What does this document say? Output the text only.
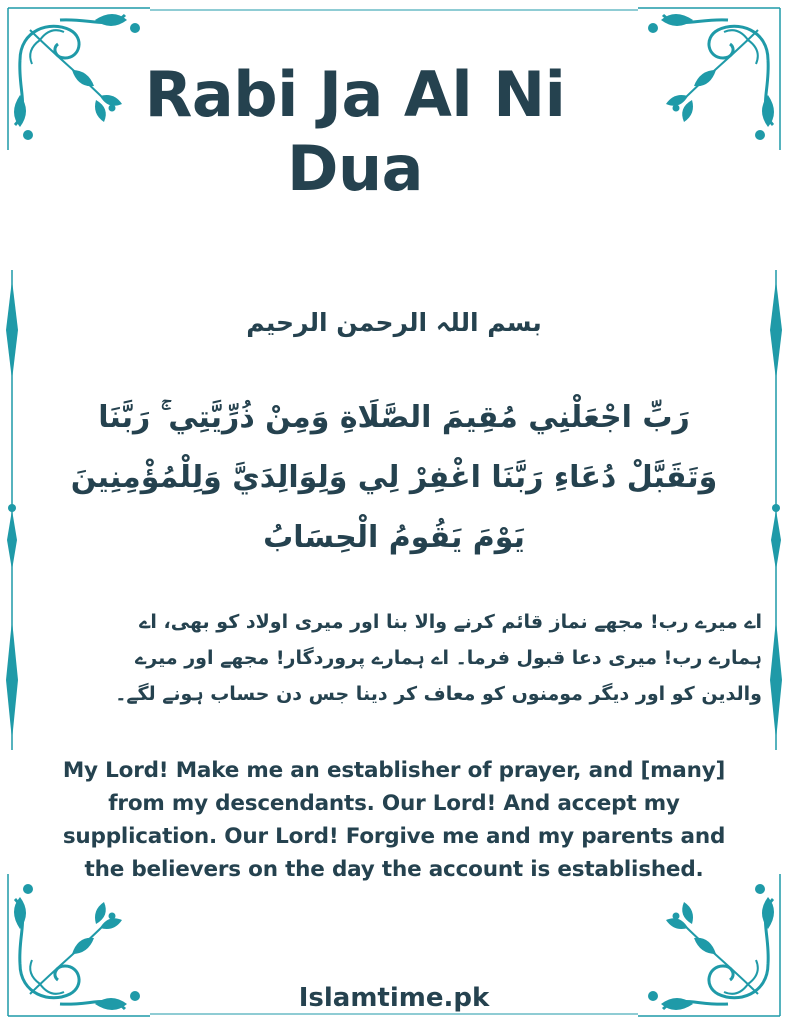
Rabi Ja Al Ni Dua

بسم اللہ الرحمن الرحیم

رَبِّ اجْعَلْنِي مُقِيمَ الصَّلَاةِ وَمِنْ ذُرِّيَّتِي ۚ رَبَّنَا
وَتَقَبَّلْ دُعَاءِ رَبَّنَا اغْفِرْ لِي وَلِوَالِدَيَّ وَلِلْمُؤْمِنِينَ
يَوْمَ يَقُومُ الْحِسَابُ
اے میرے رب! مجھے نماز قائم کرنے والا بنا اور میری اولاد کو بھی، اے
ہمارے رب! میری دعا قبول فرما۔ اے ہمارے پروردگار! مجھے اور میرے
والدین کو اور دیگر مومنوں کو معاف کر دینا جس دن حساب ہونے لگے۔
My Lord! Make me an establisher of prayer, and [many]
from my descendants. Our Lord! And accept my
supplication. Our Lord! Forgive me and my parents and
the believers on the day the account is established.

Islamtime.pk
